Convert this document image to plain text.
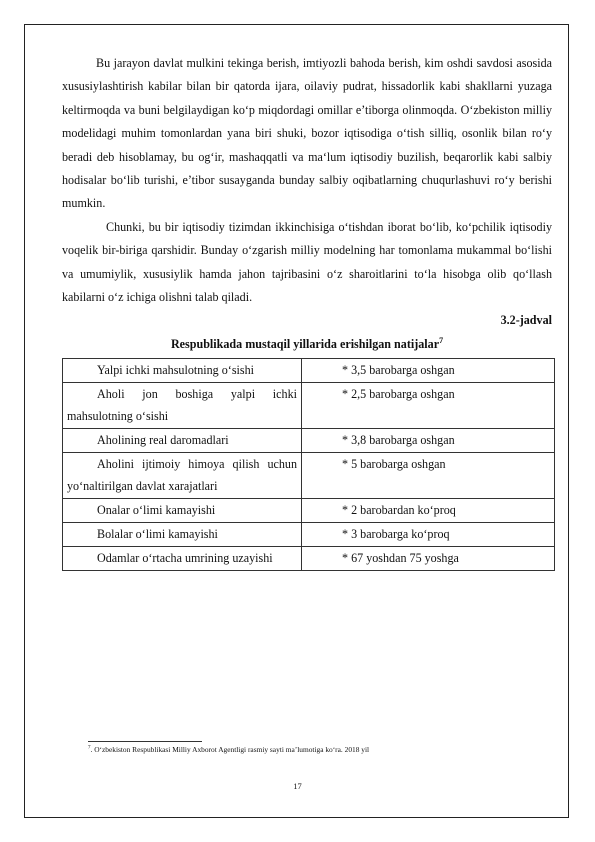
Bu jarayon davlat mulkini tekinga berish, imtiyozli bahoda berish, kim oshdi savdosi asosida xususiylashtirish kabilar bilan bir qatorda ijara, oilaviy pudrat, hissadorlik kabi shakllarni yuzaga keltirmoqda va buni belgilaydigan ko‘p miqdordagi omillar e’tiborga olinmoqda. O‘zbekiston milliy modelidagi muhim tomonlardan yana biri shuki, bozor iqtisodiga o‘tish silliq, osonlik bilan ro‘y beradi deb hisoblamay, bu og‘ir, mashaqqatli va ma‘lum iqtisodiy buzilish, beqarorlik kabi salbiy hodisalar bo‘lib turishi, e’tibor susayganda bunday salbiy oqibatlarning chuqurlashuvi ro‘y berishi mumkin.

Chunki, bu bir iqtisodiy tizimdan ikkinchisiga o‘tishdan iborat bo‘lib, ko‘pchilik iqtisodiy voqelik bir-biriga qarshidir. Bunday o‘zgarish milliy modelning har tomonlama mukammal bo‘lishi va umumiylik, xususiylik hamda jahon tajribasini o‘z sharoitlarini to‘la hisobga olib qo‘llash kabilarni o‘z ichiga olishni talab qiladi.

3.2-jadval

Respublikada mustaqil yillarida erishilgan natijalar$^7$

Yalpi ichki mahsulotning o‘sishi	* 3,5 barobarga oshgan
Aholi jon boshiga yalpi ichki mahsulotning o‘sishi	* 2,5 barobarga oshgan
Aholining real daromadlari	* 3,8 barobarga oshgan
Aholini ijtimoiy himoya qilish uchun yo‘naltirilgan davlat xarajatlari	* 5 barobarga oshgan
Onalar o‘limi kamayishi	* 2 barobardan ko‘proq
Bolalar o‘limi kamayishi	* 3 barobarga ko‘proq
Odamlar o‘rtacha umrining uzayishi	* 67 yoshdan 75 yoshga
$^7$. O‘zbekiston Respublikasi Milliy Axborot Agentligi rasmiy sayti ma’lumotiga ko‘ra. 2018 yil
17
